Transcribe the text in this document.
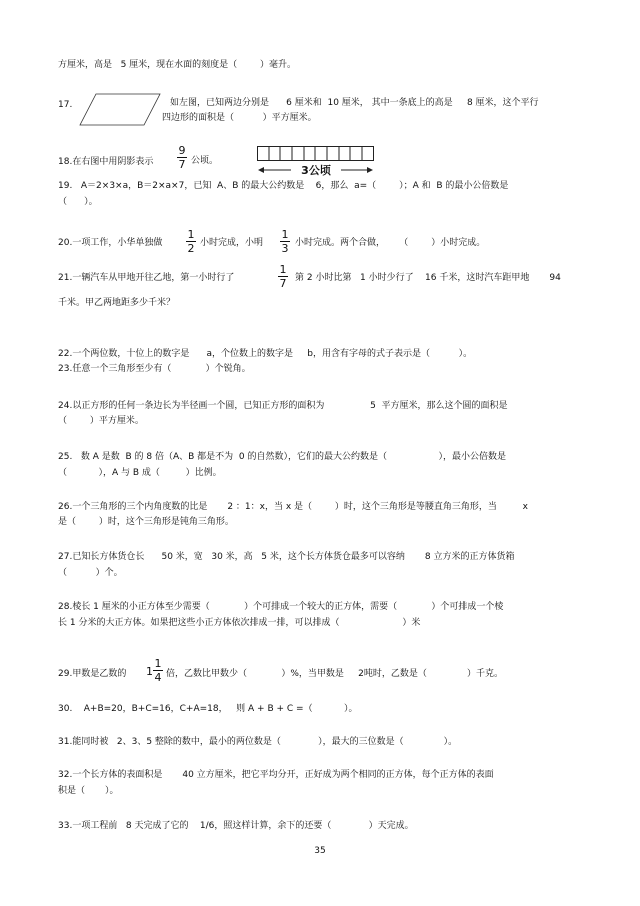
方厘米，高是   5 厘米，现在水面的刻度是（        ）毫升。
17.	如左图，已知两边分别是      6 厘米和  10 厘米， 其中一条底上的高是     8 厘米，这个平行
四边形的面积是（          ）平方厘米。
18.在右图中用阴影表示
9
7 公顷。
3公顷
19.   A＝2×3×a，B＝2×a×7，已知  A、B 的最大公约数是    6，那么  a=（        ）；A 和  B 的最小公倍数是
（      ）。
20.一项工作，小华单独做
1
2 小时完成，小明
1
3 小时完成。两个合做，     （        ）小时完成。
21.一辆汽车从甲地开往乙地，第一小时行了
1
7 第 2 小时比第   1 小时少行了    16 千米，这时汽车距甲地       94
千米。甲乙两地距多少千米？
22.一个两位数，十位上的数字是      a，个位数上的数字是     b，用含有字母的式子表示是（          ）。
23.任意一个三角形至少有（            ）个锐角。
24.以正方形的任何一条边长为半径画一个圆，已知正方形的面积为                5  平方厘米，那么这个圆的面积是
（        ）平方厘米。
25.   数 A 是数  B 的 8 倍（A、B 都是不为  0 的自然数），它们的最大公约数是（                  ），最小公倍数是
（           ），A 与 B 成（         ）比例。
26.一个三角形的三个内角度数的比是       2 ：1：x，当 x 是（        ）时，这个三角形是等腰直角三角形，当         x
是（        ）时，这个三角形是钝角三角形。
27.已知长方体货仓长      50 米，宽   30 米，高   5 米，这个长方体货仓最多可以容纳       8 立方米的正方体货箱
（          ）个。
28.棱长 1 厘米的小正方体至少需要（            ）个可排成一个较大的正方体，需要（            ）个可排成一个棱
长 1 分米的大正方体。如果把这些小正方体依次排成一排，可以排成（                      ）米
29.甲数是乙数的 1
1
4 倍，乙数比甲数少（            ）%，当甲数是     2吨时，乙数是（              ）千克。
30.    A+B=20，B+C=16，C+A=18，   则 A + B + C =（           ）。
31.能同时被   2、3、5 整除的数中，最小的两位数是（             ），最大的三位数是（              ）。
32.一个长方体的表面积是       40 立方厘米，把它平均分开，正好成为两个相同的正方体，每个正方体的表面
积是（       ）。
33.一项工程前   8 天完成了它的    1/6，照这样计算，余下的还要（             ）天完成。
35
